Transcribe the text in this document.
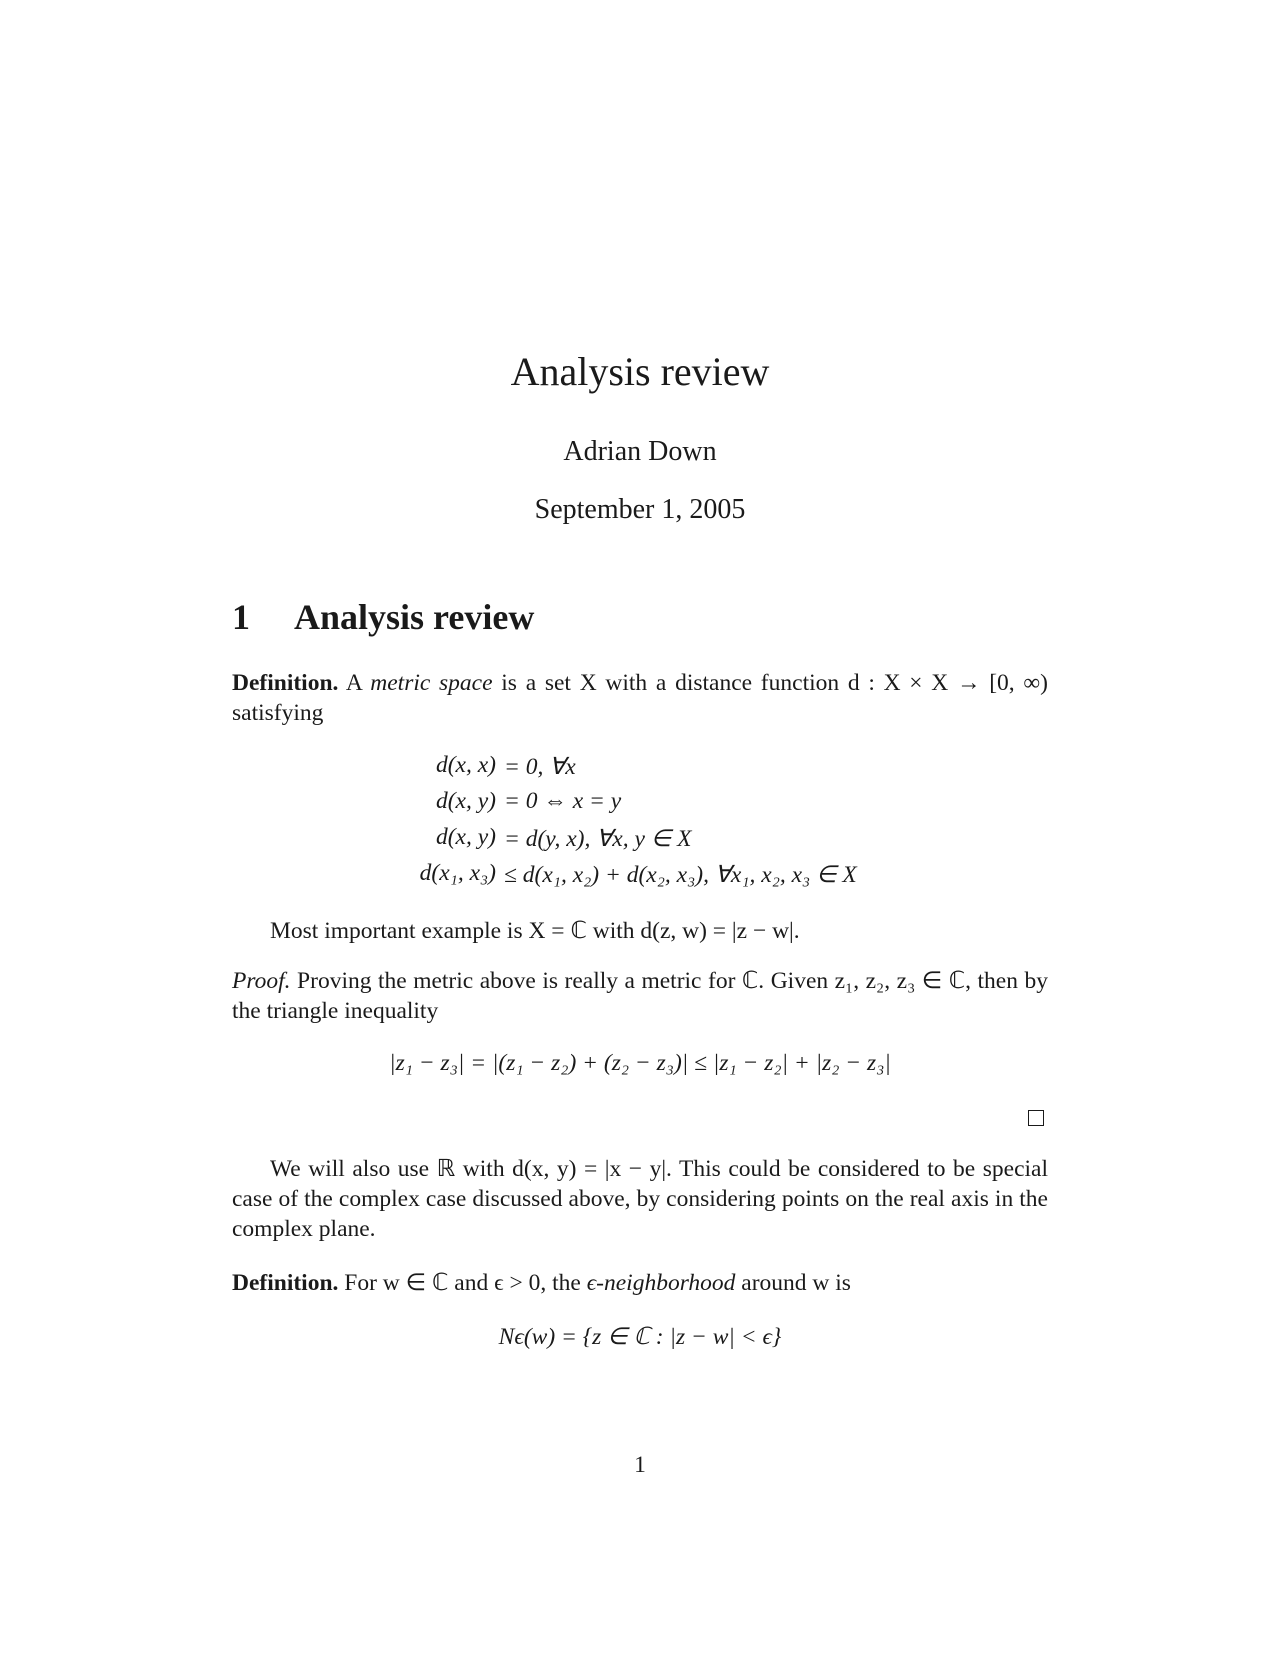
Analysis review
Adrian Down
September 1, 2005
1 Analysis review
Definition. A metric space is a set X with a distance function d : X × X → [0, ∞) satisfying
d(x, x) = 0, ∀x
d(x, y) = 0 ⇔ x = y
d(x, y) = d(y, x), ∀x, y ∈ X
d(x₁, x₃) ≤ d(x₁, x₂) + d(x₂, x₃), ∀x₁, x₂, x₃ ∈ X
Most important example is X = ℂ with d(z, w) = |z − w|.
Proof. Proving the metric above is really a metric for ℂ. Given z₁, z₂, z₃ ∈ ℂ, then by the triangle inequality
|z₁ − z₃| = |(z₁ − z₂) + (z₂ − z₃)| ≤ |z₁ − z₂| + |z₂ − z₃|
We will also use ℝ with d(x, y) = |x − y|. This could be considered to be special case of the complex case discussed above, by considering points on the real axis in the complex plane.
Definition. For w ∈ ℂ and ϵ > 0, the ϵ-neighborhood around w is
Nϵ(w) = {z ∈ ℂ : |z − w| < ϵ}
1
